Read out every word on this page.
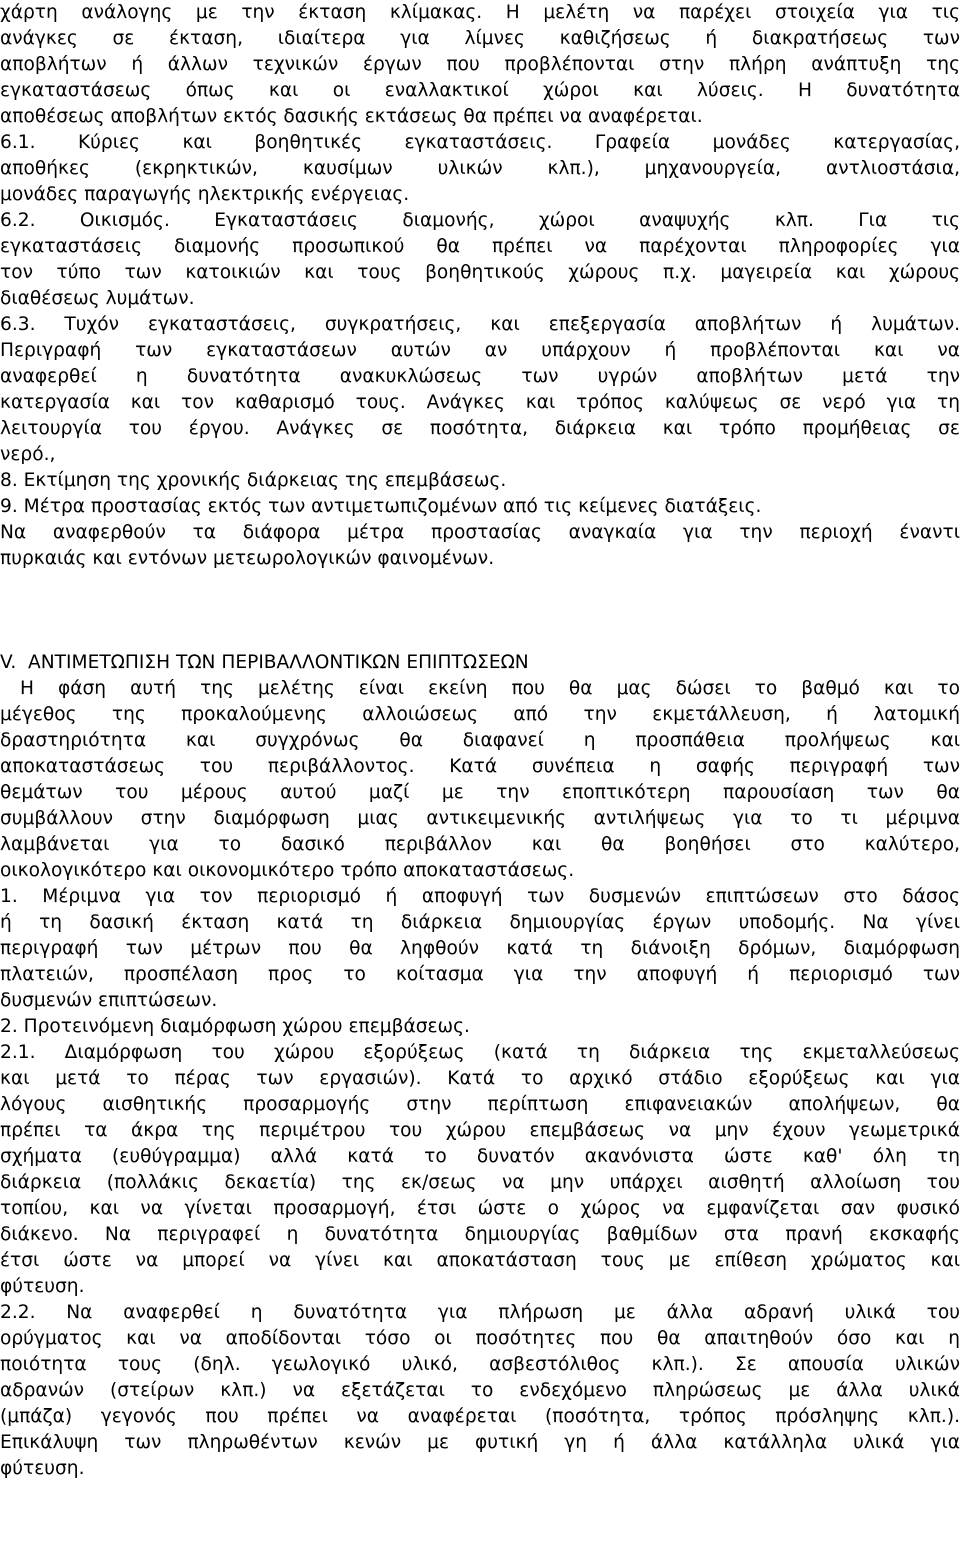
χάρτη ανάλογης με την έκταση κλίμακας. Η μελέτη να παρέχει στοιχεία για τις
ανάγκες σε έκταση, ιδιαίτερα για λίμνες καθιζήσεως ή διακρατήσεως των
αποβλήτων ή άλλων τεχνικών έργων που προβλέπονται στην πλήρη ανάπτυξη της
εγκαταστάσεως όπως και οι εναλλακτικοί χώροι και λύσεις. Η δυνατότητα
αποθέσεως αποβλήτων εκτός δασικής εκτάσεως θα πρέπει να αναφέρεται.
6.1. Κύριες και βοηθητικές εγκαταστάσεις. Γραφεία μονάδες κατεργασίας,
αποθήκες (εκρηκτικών, καυσίμων υλικών κλπ.), μηχανουργεία, αντλιοστάσια,
μονάδες παραγωγής ηλεκτρικής ενέργειας.
6.2. Οικισμός. Εγκαταστάσεις διαμονής, χώροι αναψυχής κλπ. Για τις
εγκαταστάσεις διαμονής προσωπικού θα πρέπει να παρέχονται πληροφορίες για
τον τύπο των κατοικιών και τους βοηθητικούς χώρους π.χ. μαγειρεία και χώρους
διαθέσεως λυμάτων.
6.3. Τυχόν εγκαταστάσεις, συγκρατήσεις, και επεξεργασία αποβλήτων ή λυμάτων.
Περιγραφή των εγκαταστάσεων αυτών αν υπάρχουν ή προβλέπονται και να
αναφερθεί η δυνατότητα ανακυκλώσεως των υγρών αποβλήτων μετά την
κατεργασία και τον καθαρισμό τους. Ανάγκες και τρόπος καλύψεως σε νερό για τη
λειτουργία του έργου. Ανάγκες σε ποσότητα, διάρκεια και τρόπο προμήθειας σε
νερό.,
8. Εκτίμηση της χρονικής διάρκειας της επεμβάσεως.
9. Μέτρα προστασίας εκτός των αντιμετωπιζομένων από τις κείμενες διατάξεις.
Να αναφερθούν τα διάφορα μέτρα προστασίας αναγκαία για την περιοχή έναντι
πυρκαιάς και εντόνων μετεωρολογικών φαινομένων.
V.  ΑΝΤΙΜΕΤΩΠΙΣΗ ΤΩΝ ΠΕΡΙΒΑΛΛΟΝΤΙΚΩΝ ΕΠΙΠΤΩΣΕΩΝ
Η φάση αυτή της μελέτης είναι εκείνη που θα μας δώσει το βαθμό και το
μέγεθος της προκαλούμενης αλλοιώσεως από την εκμετάλλευση, ή λατομική
δραστηριότητα και συγχρόνως θα διαφανεί η προσπάθεια προλήψεως και
αποκαταστάσεως του περιβάλλοντος. Κατά συνέπεια η σαφής περιγραφή των
θεμάτων του μέρους αυτού μαζί με την εποπτικότερη παρουσίαση των θα
συμβάλλουν στην διαμόρφωση μιας αντικειμενικής αντιλήψεως για το τι μέριμνα
λαμβάνεται για το δασικό περιβάλλον και θα βοηθήσει στο καλύτερο,
οικολογικότερο και οικονομικότερο τρόπο αποκαταστάσεως.
1. Μέριμνα για τον περιορισμό ή αποφυγή των δυσμενών επιπτώσεων στο δάσος
ή τη δασική έκταση κατά τη διάρκεια δημιουργίας έργων υποδομής. Να γίνει
περιγραφή των μέτρων που θα ληφθούν κατά τη διάνοιξη δρόμων, διαμόρφωση
πλατειών, προσπέλαση προς το κοίτασμα για την αποφυγή ή περιορισμό των
δυσμενών επιπτώσεων.
2. Προτεινόμενη διαμόρφωση χώρου επεμβάσεως.
2.1. Διαμόρφωση του χώρου εξορύξεως (κατά τη διάρκεια της εκμεταλλεύσεως
και μετά το πέρας των εργασιών). Κατά το αρχικό στάδιο εξορύξεως και για
λόγους αισθητικής προσαρμογής στην περίπτωση επιφανειακών απολήψεων, θα
πρέπει τα άκρα της περιμέτρου του χώρου επεμβάσεως να μην έχουν γεωμετρικά
σχήματα (ευθύγραμμα) αλλά κατά το δυνατόν ακανόνιστα ώστε καθ' όλη τη
διάρκεια (πολλάκις δεκαετία) της εκ/σεως να μην υπάρχει αισθητή αλλοίωση του
τοπίου, και να γίνεται προσαρμογή, έτσι ώστε ο χώρος να εμφανίζεται σαν φυσικό
διάκενο. Να περιγραφεί η δυνατότητα δημιουργίας βαθμίδων στα πρανή εκσκαφής
έτσι ώστε να μπορεί να γίνει και αποκατάσταση τους με επίθεση χρώματος και
φύτευση.
2.2. Να αναφερθεί η δυνατότητα για πλήρωση με άλλα αδρανή υλικά του
ορύγματος και να αποδίδονται τόσο οι ποσότητες που θα απαιτηθούν όσο και η
ποιότητα τους (δηλ. γεωλογικό υλικό, ασβεστόλιθος κλπ.). Σε απουσία υλικών
αδρανών (στείρων κλπ.) να εξετάζεται το ενδεχόμενο πληρώσεως με άλλα υλικά
(μπάζα) γεγονός που πρέπει να αναφέρεται (ποσότητα, τρόπος πρόσληψης κλπ.).
Επικάλυψη των πληρωθέντων κενών με φυτική γη ή άλλα κατάλληλα υλικά για
φύτευση.
